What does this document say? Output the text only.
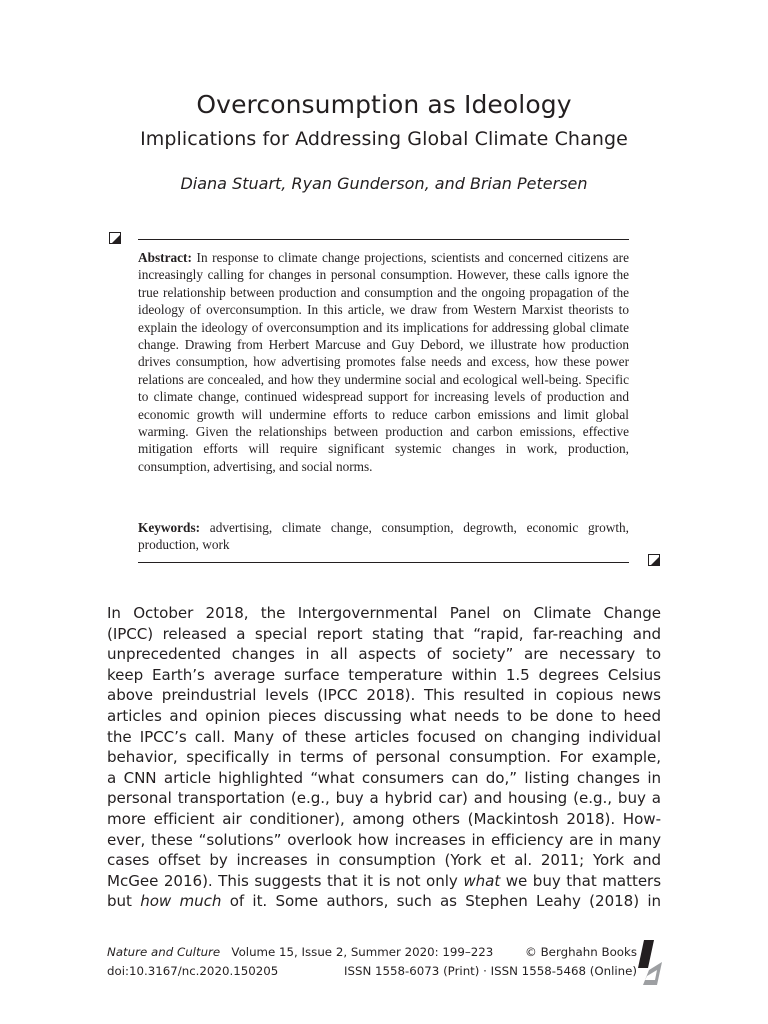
Overconsumption as Ideology
Implications for Addressing Global Climate Change
Diana Stuart, Ryan Gunderson, and Brian Petersen

Abstract: In response to climate change projections, scientists and concerned citizens are increasingly calling for changes in personal consumption. However, these calls ignore the true relationship between production and consumption and the ongoing propagation of the ideology of overconsumption. In this article, we draw from Western Marxist theorists to explain the ideology of overconsumption and its implications for addressing global climate change. Drawing from Herbert Marcuse and Guy Debord, we illustrate how production drives consumption, how advertising promotes false needs and excess, how these power relations are concealed, and how they undermine social and ecological well-being. Specific to climate change, continued widespread support for increasing levels of production and economic growth will undermine efforts to reduce carbon emissions and limit global warming. Given the relationships between production and carbon emissions, effective mitigation efforts will require significant systemic changes in work, production, consumption, advertising, and social norms.

Keywords: advertising, climate change, consumption, degrowth, economic growth, production, work

In October 2018, the Intergovernmental Panel on Climate Change
(IPCC) released a special report stating that “rapid, far-reaching and
unprecedented changes in all aspects of society” are necessary to
keep Earth’s average surface temperature within 1.5 degrees Celsius
above preindustrial levels (IPCC 2018). This resulted in copious news
articles and opinion pieces discussing what needs to be done to heed
the IPCC’s call. Many of these articles focused on changing individual
behavior, specifically in terms of personal consumption. For example,
a CNN article highlighted “what consumers can do,” listing changes in
personal transportation (e.g., buy a hybrid car) and housing (e.g., buy a
more efficient air conditioner), among others (Mackintosh 2018). How-
ever, these “solutions” overlook how increases in efficiency are in many
cases offset by increases in consumption (York et al. 2011; York and
McGee 2016). This suggests that it is not only what we buy that matters
but how much of it. Some authors, such as Stephen Leahy (2018) in
Nature and Culture Volume 15, Issue 2, Summer 2020: 199–223	© Berghahn Books
doi:10.3167/nc.2020.150205	ISSN 1558-6073 (Print) · ISSN 1558-5468 (Online)
